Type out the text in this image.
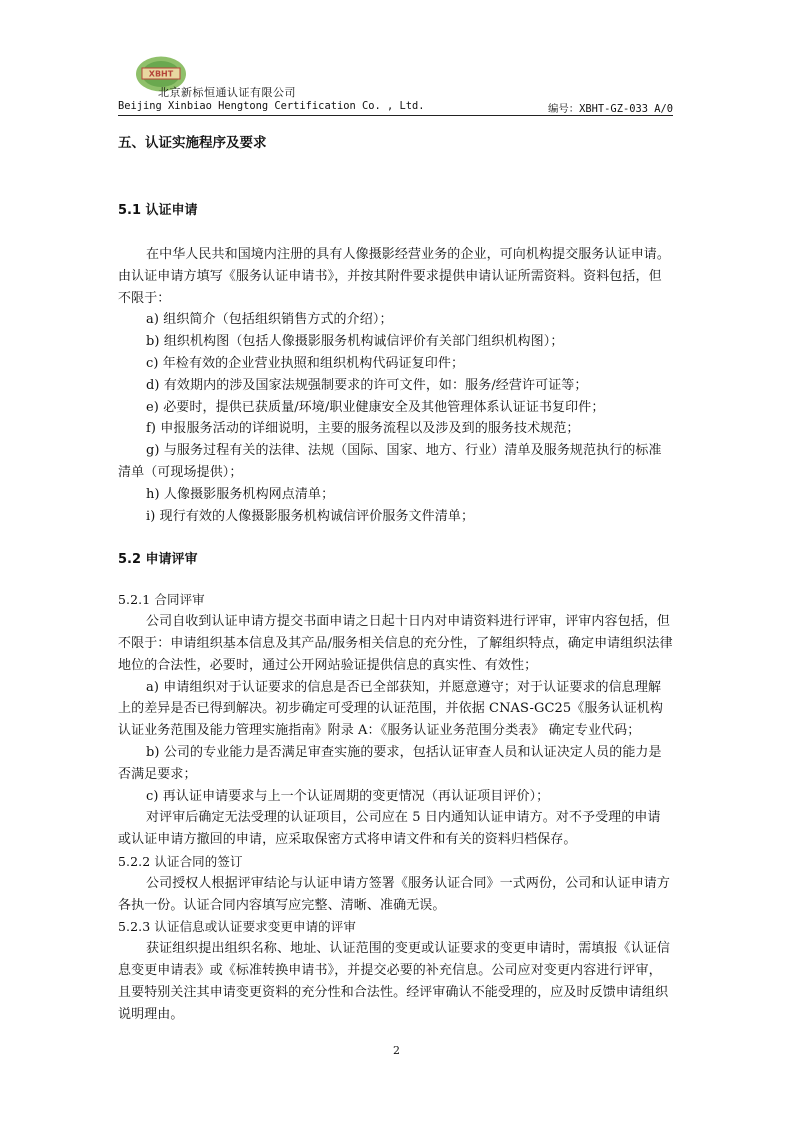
XBHT
北京新标恒通认证有限公司
Beijing Xinbiao Hengtong Certification Co. , Ltd.	编号：XBHT-GZ-033 A/0
五、认证实施程序及要求
5.1 认证申请

在中华人民共和国境内注册的具有人像摄影经营业务的企业，可向机构提交服务认证申请。由认证申请方填写《服务认证申请书》，并按其附件要求提供申请认证所需资料。资料包括，但不限于：

a) 组织简介（包括组织销售方式的介绍）；

b) 组织机构图（包括人像摄影服务机构诚信评价有关部门组织机构图）；

c) 年检有效的企业营业执照和组织机构代码证复印件；

d) 有效期内的涉及国家法规强制要求的许可文件，如：服务/经营许可证等；

e) 必要时，提供已获质量/环境/职业健康安全及其他管理体系认证证书复印件；

f) 申报服务活动的详细说明，主要的服务流程以及涉及到的服务技术规范；

g) 与服务过程有关的法律、法规（国际、国家、地方、行业）清单及服务规范执行的标准清单（可现场提供）；

h) 人像摄影服务机构网点清单；

i) 现行有效的人像摄影服务机构诚信评价服务文件清单；

5.2 申请评审

5.2.1 合同评审

公司自收到认证申请方提交书面申请之日起十日内对申请资料进行评审，评审内容包括，但不限于：申请组织基本信息及其产品/服务相关信息的充分性，了解组织特点，确定申请组织法律地位的合法性，必要时，通过公开网站验证提供信息的真实性、有效性；

a) 申请组织对于认证要求的信息是否已全部获知，并愿意遵守；对于认证要求的信息理解上的差异是否已得到解决。初步确定可受理的认证范围，并依据 CNAS-GC25《服务认证机构认证业务范围及能力管理实施指南》附录 A：《服务认证业务范围分类表》 确定专业代码；

b) 公司的专业能力是否满足审查实施的要求，包括认证审查人员和认证决定人员的能力是否满足要求；

c) 再认证申请要求与上一个认证周期的变更情况（再认证项目评价）；

对评审后确定无法受理的认证项目，公司应在 5 日内通知认证申请方。对不予受理的申请或认证申请方撤回的申请，应采取保密方式将申请文件和有关的资料归档保存。

5.2.2 认证合同的签订

公司授权人根据评审结论与认证申请方签署《服务认证合同》一式两份，公司和认证申请方各执一份。认证合同内容填写应完整、清晰、准确无误。

5.2.3 认证信息或认证要求变更申请的评审

获证组织提出组织名称、地址、认证范围的变更或认证要求的变更申请时，需填报《认证信息变更申请表》或《标准转换申请书》，并提交必要的补充信息。公司应对变更内容进行评审，且要特别关注其申请变更资料的充分性和合法性。经评审确认不能受理的，应及时反馈申请组织说明理由。

2
